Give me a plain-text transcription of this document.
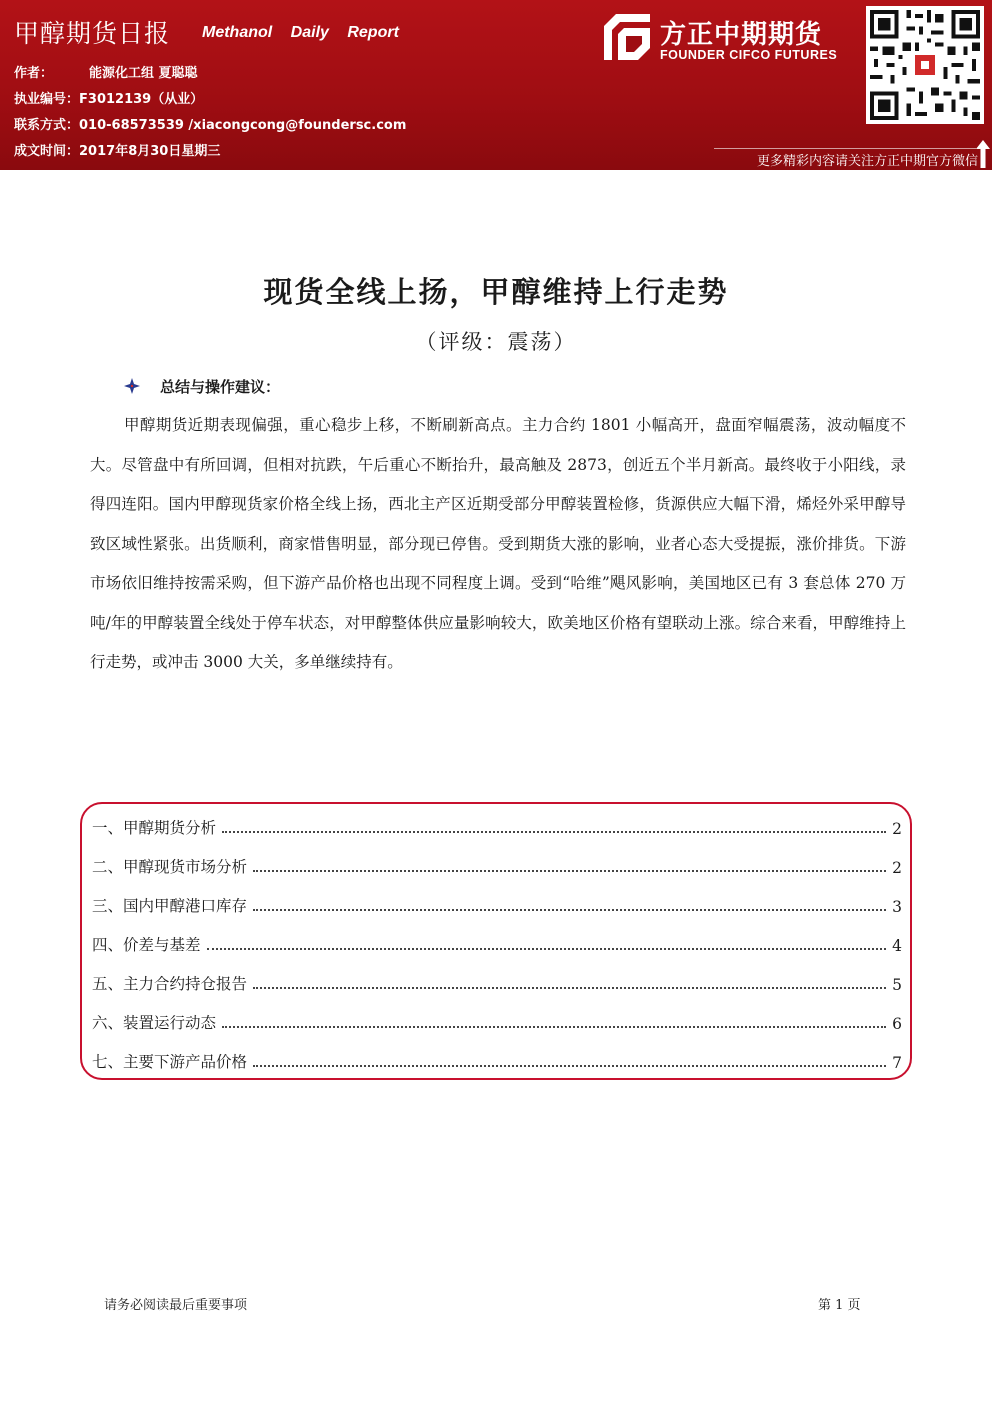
甲醇期货日报 Methanol Daily Report
作者：	能源化工组 夏聪聪
执业编号：F3012139（从业）
联系方式：010-68573539 /xiacongcong@foundersc.com
成文时间：2017年8月30日星期三
方正中期期货
FOUNDER CIFCO FUTURES
更多精彩内容请关注方正中期官方微信
现货全线上扬，甲醇维持上行走势
（评级：震荡）
总结与操作建议：
甲醇期货近期表现偏强，重心稳步上移，不断刷新高点。主力合约 1801 小幅高开，盘面窄幅震荡，波动幅度不大。尽管盘中有所回调，但相对抗跌，午后重心不断抬升，最高触及 2873，创近五个半月新高。最终收于小阳线，录得四连阳。国内甲醇现货家价格全线上扬，西北主产区近期受部分甲醇装置检修，货源供应大幅下滑，烯烃外采甲醇导致区域性紧张。出货顺利，商家惜售明显，部分现已停售。受到期货大涨的影响，业者心态大受提振，涨价排货。下游市场依旧维持按需采购，但下游产品价格也出现不同程度上调。受到“哈维”飓风影响，美国地区已有 3 套总体 270 万吨/年的甲醇装置全线处于停车状态，对甲醇整体供应量影响较大，欧美地区价格有望联动上涨。综合来看，甲醇维持上行走势，或冲击 3000 大关，多单继续持有。
一、甲醇期货分析	2
二、甲醇现货市场分析	2
三、国内甲醇港口库存	3
四、价差与基差	4
五、主力合约持仓报告	5
六、装置运行动态	6
七、主要下游产品价格	7
请务必阅读最后重要事项	第 1 页
